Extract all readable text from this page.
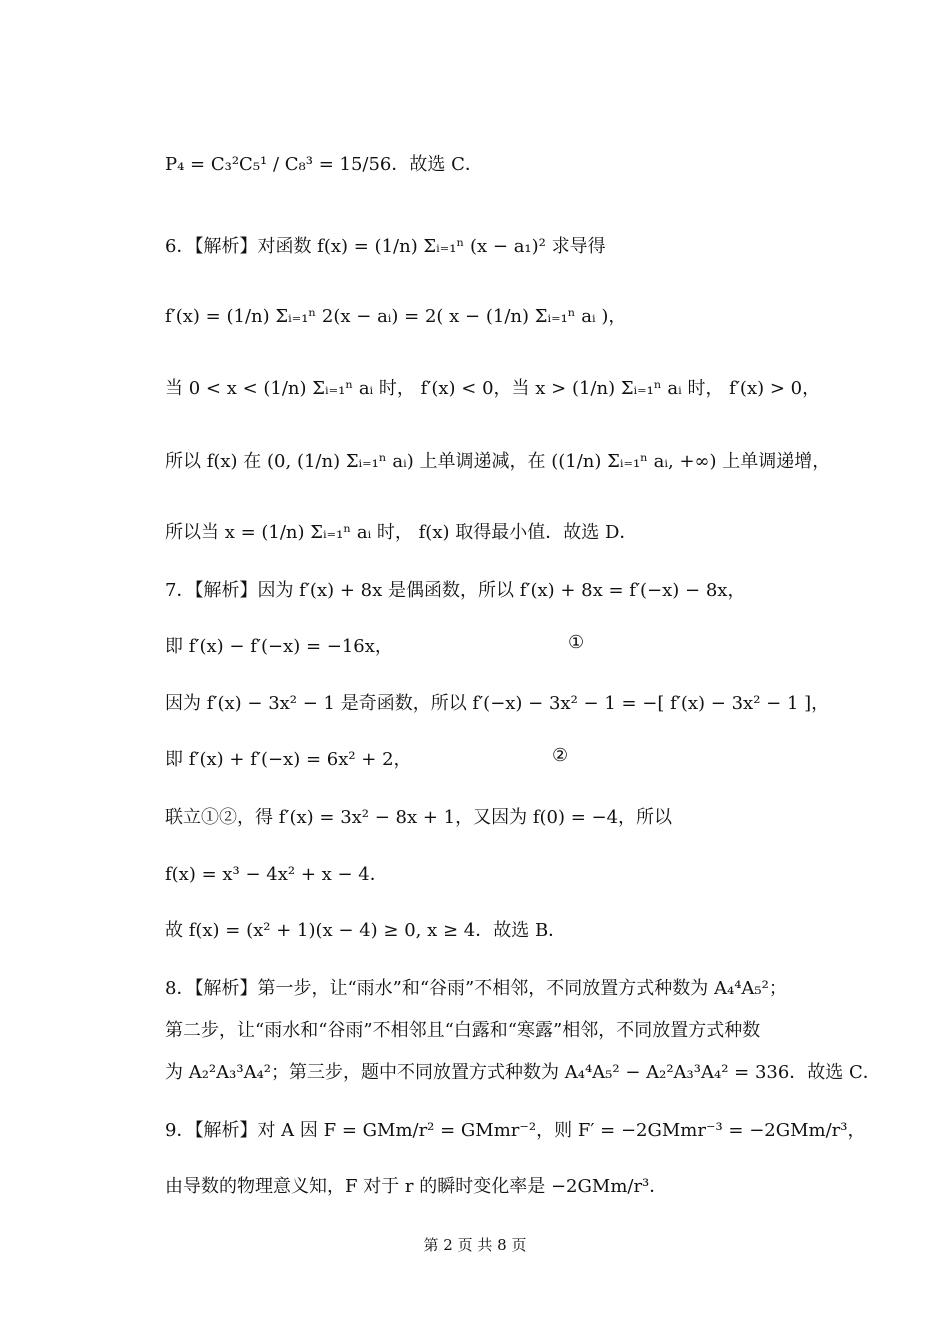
P₄ = C₃²C₅¹ / C₈³ = 15/56．故选 C．
6．【解析】对函数 f(x) = (1/n) Σᵢ₌₁ⁿ (x − a₁)² 求导得
f′(x) = (1/n) Σᵢ₌₁ⁿ 2(x − aᵢ) = 2( x − (1/n) Σᵢ₌₁ⁿ aᵢ )，
当 0 < x < (1/n) Σᵢ₌₁ⁿ aᵢ 时， f′(x) < 0，当 x > (1/n) Σᵢ₌₁ⁿ aᵢ 时， f′(x) > 0，
所以 f(x) 在 (0, (1/n) Σᵢ₌₁ⁿ aᵢ) 上单调递减，在 ((1/n) Σᵢ₌₁ⁿ aᵢ, +∞) 上单调递增，
所以当 x = (1/n) Σᵢ₌₁ⁿ aᵢ 时， f(x) 取得最小值．故选 D．
7．【解析】因为 f′(x) + 8x 是偶函数，所以 f′(x) + 8x = f′(−x) − 8x，
即 f′(x) − f′(−x) = −16x，	①
因为 f′(x) − 3x² − 1 是奇函数，所以 f′(−x) − 3x² − 1 = −[ f′(x) − 3x² − 1 ]，
即 f′(x) + f′(−x) = 6x² + 2，	②
联立①②，得 f′(x) = 3x² − 8x + 1，又因为 f(0) = −4，所以
f(x) = x³ − 4x² + x − 4．
故 f(x) = (x² + 1)(x − 4) ≥ 0, x ≥ 4．故选 B．
8．【解析】第一步，让“雨水”和“谷雨”不相邻，不同放置方式种数为 A₄⁴A₅²；
第二步，让“雨水和“谷雨”不相邻且“白露和“寒露”相邻，不同放置方式种数
为 A₂²A₃³A₄²；第三步，题中不同放置方式种数为 A₄⁴A₅² − A₂²A₃³A₄² = 336．故选 C．
9．【解析】对 A 因 F = GMm/r² = GMmr⁻²，则 F′ = −2GMmr⁻³ = −2GMm/r³，
由导数的物理意义知，F 对于 r 的瞬时变化率是 −2GMm/r³．
第 2 页 共 8 页
